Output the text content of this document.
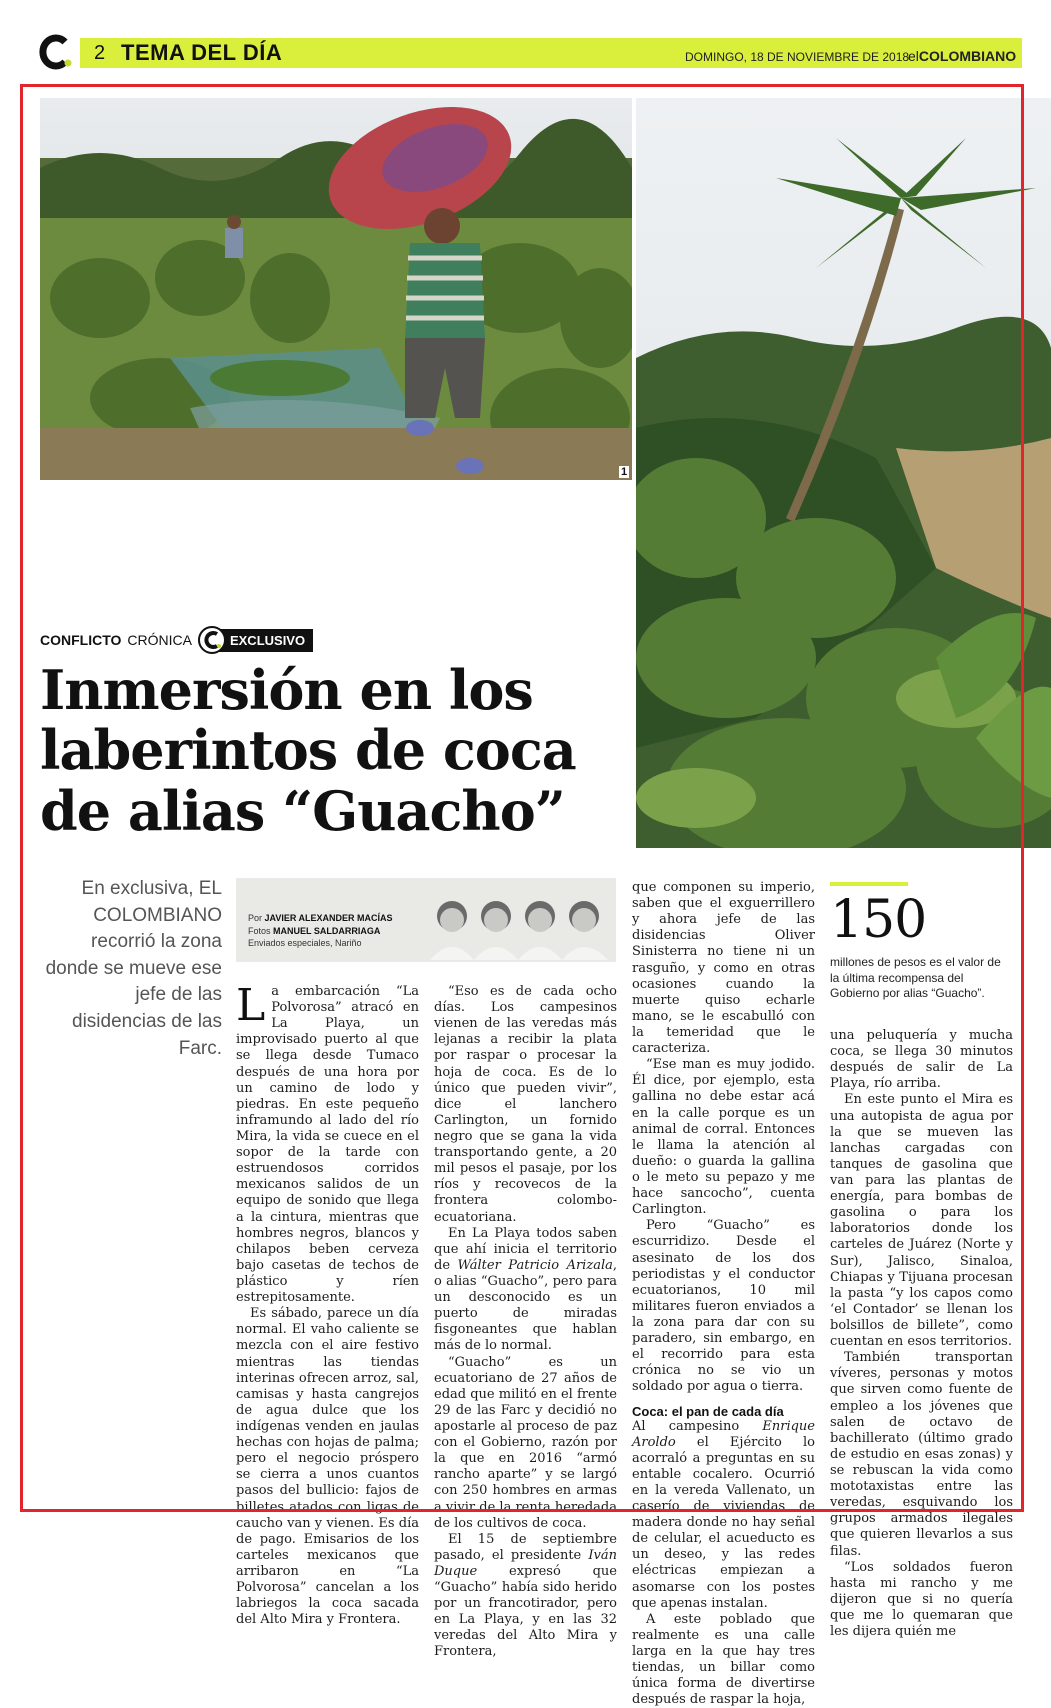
2 TEMA DEL DÍA	DOMINGO, 18 DE NOVIEMBRE DE 2018
elCOLOMBIANO
1
CONFLICTO CRÓNICA	EXCLUSIVO
Inmersión en los laberintos de coca de alias “Guacho”
En exclusiva, EL COLOMBIANO recorrió la zona donde se mueve ese jefe de las disidencias de las Farc.
Por JAVIER ALEXANDER MACÍAS
Fotos MANUEL SALDARRIAGA
Enviados especiales, Nariño

La embarcación “La Polvorosa” atracó en La Playa, un improvisado puerto al que se llega desde Tumaco después de una hora por un camino de lodo y piedras. En este pequeño inframundo al lado del río Mira, la vida se cuece en el sopor de la tarde con estruendosos corridos mexicanos salidos de un equipo de sonido que llega a la cintura, mientras que hombres negros, blancos y chilapos beben cerveza bajo casetas de techos de plástico y ríen estrepitosamente.

Es sábado, parece un día normal. El vaho caliente se mezcla con el aire festivo mientras las tiendas interinas ofrecen arroz, sal, camisas y hasta cangrejos de agua dulce que los indígenas venden en jaulas hechas con hojas de palma; pero el negocio próspero se cierra a unos cuantos pasos del bullicio: fajos de billetes atados con ligas de caucho van y vienen. Es día de pago. Emisarios de los carteles mexicanos que arribaron en “La Polvorosa” cancelan a los labriegos la coca sacada del Alto Mira y Frontera.

“Eso es de cada ocho días. Los campesinos vienen de las veredas más lejanas a recibir la plata por raspar o procesar la hoja de coca. Es de lo único que pueden vivir”, dice el lanchero Carlington, un fornido negro que se gana la vida transportando gente, a 20 mil pesos el pasaje, por los ríos y recovecos de la frontera colombo-ecuatoriana.

En La Playa todos saben que ahí inicia el territorio de Wálter Patricio Arizala, o alias “Guacho”, pero para un desconocido es un puerto de miradas fisgoneantes que hablan más de lo normal.

“Guacho” es un ecuatoriano de 27 años de edad que militó en el frente 29 de las Farc y decidió no apostarle al proceso de paz con el Gobierno, razón por la que en 2016 “armó rancho aparte” y se largó con 250 hombres en armas a vivir de la renta heredada de los cultivos de coca.

El 15 de septiembre pasado, el presidente Iván Duque expresó que “Guacho” había sido herido por un francotirador, pero en La Playa, y en las 32 veredas del Alto Mira y Frontera,

que componen su imperio, saben que el exguerrillero y ahora jefe de las disidencias Oliver Sinisterra no tiene ni un rasguño, y como en otras ocasiones cuando la muerte quiso echarle mano, se le escabulló con la temeridad que le caracteriza.

“Ese man es muy jodido. Él dice, por ejemplo, esta gallina no debe estar acá en la calle porque es un animal de corral. Entonces le llama la atención al dueño: o guarda la gallina o le meto su pepazo y me hace sancocho”, cuenta Carlington.

Pero “Guacho” es escurridizo. Desde el asesinato de los dos periodistas y el conductor ecuatorianos, 10 mil militares fueron enviados a la zona para dar con su paradero, sin embargo, en el recorrido para esta crónica no se vio un soldado por agua o tierra.

Coca: el pan de cada día

Al campesino Enrique Aroldo el Ejército lo acorraló a preguntas en su entable cocalero. Ocurrió en la vereda Vallenato, un caserío de viviendas de madera donde no hay señal de celular, el acueducto es un deseo, y las redes eléctricas empiezan a asomarse con los postes que apenas instalan.

A este poblado que realmente es una calle larga en la que hay tres tiendas, un billar como única forma de divertirse después de raspar la hoja,

150
millones de pesos es el valor de la última recompensa del Gobierno por alias “Guacho”.

una peluquería y mucha coca, se llega 30 minutos después de salir de La Playa, río arriba.

En este punto el Mira es una autopista de agua por la que se mueven las lanchas cargadas con tanques de gasolina que van para las plantas de energía, para bombas de gasolina o para los laboratorios donde los carteles de Juárez (Norte y Sur), Jalisco, Sinaloa, Chiapas y Tijuana procesan la pasta “y los capos como ‘el Contador’ se llenan los bolsillos de billete”, como cuentan en esos territorios.

También transportan víveres, personas y motos que sirven como fuente de empleo a los jóvenes que salen de octavo de bachillerato (último grado de estudio en esas zonas) y se rebuscan la vida como mototaxistas entre las veredas, esquivando los grupos armados ilegales que quieren llevarlos a sus filas.

“Los soldados fueron hasta mi rancho y me dijeron que si no quería que me lo quemaran que les dijera quién me
